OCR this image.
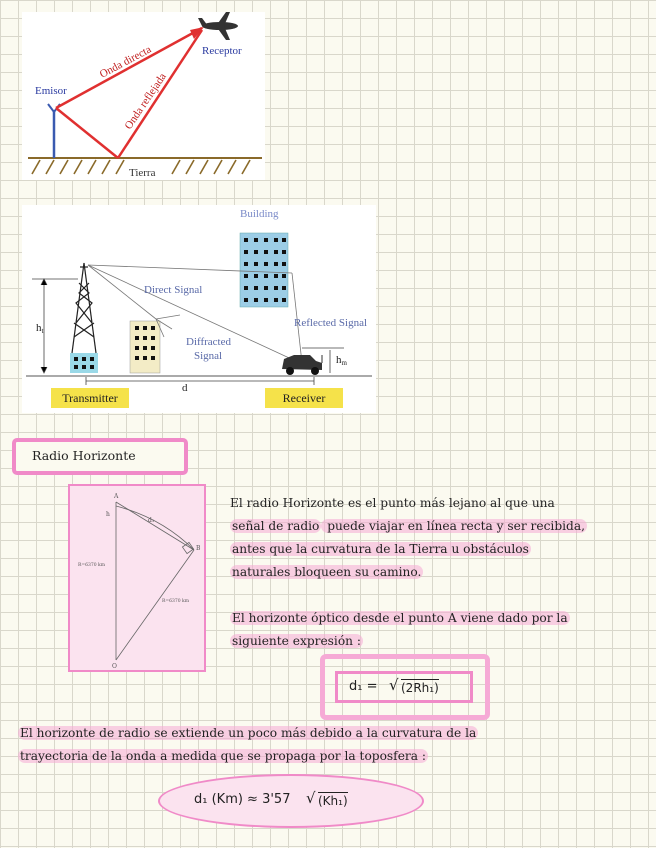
Receptor
Emisor
Onda directa
Onda reflejada
Tierra
Building
Direct Signal
Reflected Signal
Diffracted
Signal
ht
hm
d
Transmitter	Receiver
Radio Horizonte
A
B
O
h
d₁
R=6370 km
R=6370 km
El radio Horizonte es el punto más lejano al que una
señal de radio puede viajar en línea recta y ser recibida,
antes que la curvatura de la Tierra u obstáculos
naturales bloqueen su camino.
El horizonte óptico desde el punto A viene dado por la
siguiente expresión :
d₁ = √ (2Rh₁)
El horizonte de radio se extiende un poco más debido a la curvatura de la
trayectoria de la onda a medida que se propaga por la toposfera :
d₁ (Km) ≈ 3'57 √ (Kh₁)
